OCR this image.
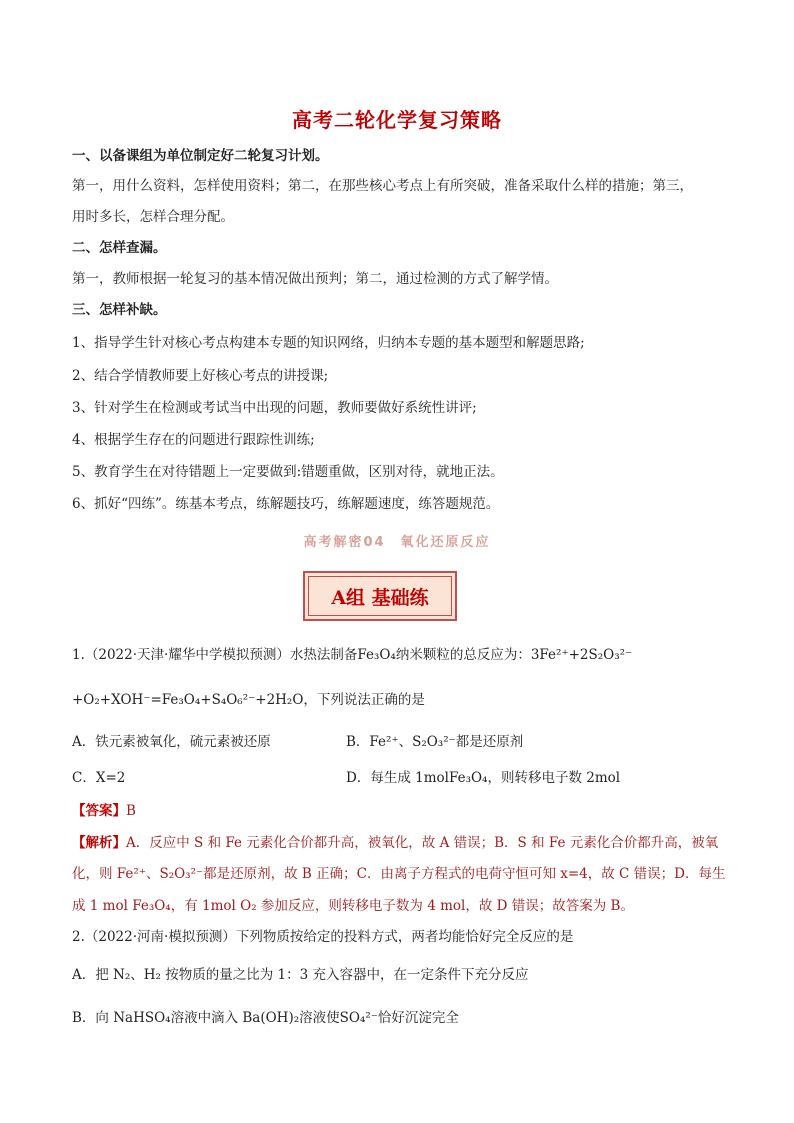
高考二轮化学复习策略
一、以备课组为单位制定好二轮复习计划。
第一，用什么资料，怎样使用资料；第二，在那些核心考点上有所突破，准备采取什么样的措施；第三，
用时多长，怎样合理分配。
二、怎样查漏。
第一，教师根据一轮复习的基本情况做出预判；第二，通过检测的方式了解学情。
三、怎样补缺。
1、指导学生针对核心考点构建本专题的知识网络，归纳本专题的基本题型和解题思路;
2、结合学情教师要上好核心考点的讲授课;
3、针对学生在检测或考试当中出现的问题，教师要做好系统性讲评;
4、根据学生存在的问题进行跟踪性训练;
5、教育学生在对待错题上一定要做到:错题重做，区别对待，就地正法。
6、抓好“四练”。练基本考点，练解题技巧，练解题速度，练答题规范。
高考解密04　氧化还原反应
A组 基础练
1.（2022·天津·耀华中学模拟预测）水热法制备Fe₃O₄纳米颗粒的总反应为：3Fe²⁺+2S₂O₃²⁻
+O₂+XOH⁻=Fe₃O₄+S₄O₆²⁻+2H₂O，下列说法正确的是
A．铁元素被氧化，硫元素被还原	B．Fe²⁺、S₂O₃²⁻都是还原剂
C．X=2	D．每生成 1molFe₃O₄，则转移电子数 2mol
【答案】B
【解析】A．反应中 S 和 Fe 元素化合价都升高，被氧化，故 A 错误；B．S 和 Fe 元素化合价都升高，被氧
化，则 Fe²⁺、S₂O₃²⁻都是还原剂，故 B 正确；C．由离子方程式的电荷守恒可知 x=4，故 C 错误；D．每生
成 1 mol Fe₃O₄，有 1mol O₂ 参加反应，则转移电子数为 4 mol，故 D 错误；故答案为 B。
2.（2022·河南·模拟预测）下列物质按给定的投料方式，两者均能恰好完全反应的是
A．把 N₂、H₂ 按物质的量之比为 1：3 充入容器中，在一定条件下充分反应
B．向 NaHSO₄溶液中滴入 Ba(OH)₂溶液使SO₄²⁻恰好沉淀完全
